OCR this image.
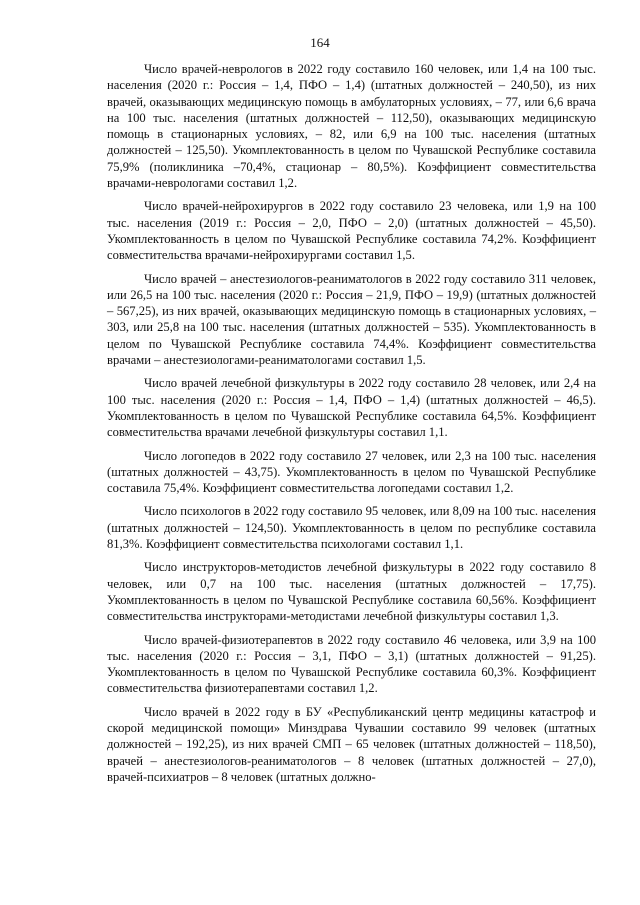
164

Число врачей-неврологов в 2022 году составило 160 человек, или 1,4 на 100 тыс. населения (2020 г.: Россия – 1,4, ПФО – 1,4) (штатных должностей – 240,50), из них врачей, оказывающих медицинскую помощь в амбулаторных условиях, – 77, или 6,6 врача на 100 тыс. населения (штатных должностей – 112,50), оказывающих медицинскую помощь в стационарных условиях, – 82, или 6,9 на 100 тыс. населения (штатных должностей – 125,50). Укомплектованность в целом по Чувашской Республике составила 75,9% (поликлиника –70,4%, стационар – 80,5%). Коэффициент совместительства врачами-неврологами составил 1,2.

Число врачей-нейрохирургов в 2022 году составило 23 человека, или 1,9 на 100 тыс. населения (2019 г.: Россия – 2,0, ПФО – 2,0) (штатных должностей – 45,50). Укомплектованность в целом по Чувашской Республике составила 74,2%. Коэффициент совместительства врачами-нейрохирургами составил 1,5.

Число врачей – анестезиологов-реаниматологов в 2022 году составило 311 человек, или 26,5 на 100 тыс. населения (2020 г.: Россия – 21,9, ПФО – 19,9) (штатных должностей – 567,25), из них врачей, оказывающих медицинскую помощь в стационарных условиях, – 303, или 25,8 на 100 тыс. населения (штатных должностей – 535). Укомплектованность в целом по Чувашской Республике составила 74,4%. Коэффициент совместительства врачами – анестезиологами-реаниматологами составил 1,5.

Число врачей лечебной физкультуры в 2022 году составило 28 человек, или 2,4 на 100 тыс. населения (2020 г.: Россия – 1,4, ПФО – 1,4) (штатных должностей – 46,5). Укомплектованность в целом по Чувашской Республике составила 64,5%. Коэффициент совместительства врачами лечебной физкультуры составил 1,1.

Число логопедов в 2022 году составило 27 человек, или 2,3 на 100 тыс. населения (штатных должностей – 43,75). Укомплектованность в целом по Чувашской Республике составила 75,4%. Коэффициент совместительства логопедами составил 1,2.

Число психологов в 2022 году составило 95 человек, или 8,09 на 100 тыс. населения (штатных должностей – 124,50). Укомплектованность в целом по республике составила 81,3%. Коэффициент совместительства психологами составил 1,1.

Число инструкторов-методистов лечебной физкультуры в 2022 году составило 8 человек, или 0,7 на 100 тыс. населения (штатных должностей – 17,75). Укомплектованность в целом по Чувашской Республике составила 60,56%. Коэффициент совместительства инструкторами-методистами лечебной физкультуры составил 1,3.

Число врачей-физиотерапевтов в 2022 году составило 46 человека, или 3,9 на 100 тыс. населения (2020 г.: Россия – 3,1, ПФО – 3,1) (штатных должностей – 91,25). Укомплектованность в целом по Чувашской Республике составила 60,3%. Коэффициент совместительства физиотерапевтами составил 1,2.

Число врачей в 2022 году в БУ «Республиканский центр медицины катастроф и скорой медицинской помощи» Минздрава Чувашии составило 99 человек (штатных должностей – 192,25), из них врачей СМП – 65 человек (штатных должностей – 118,50), врачей – анестезиологов-реаниматологов – 8 человек (штатных должностей – 27,0), врачей-психиатров – 8 человек (штатных должно-
